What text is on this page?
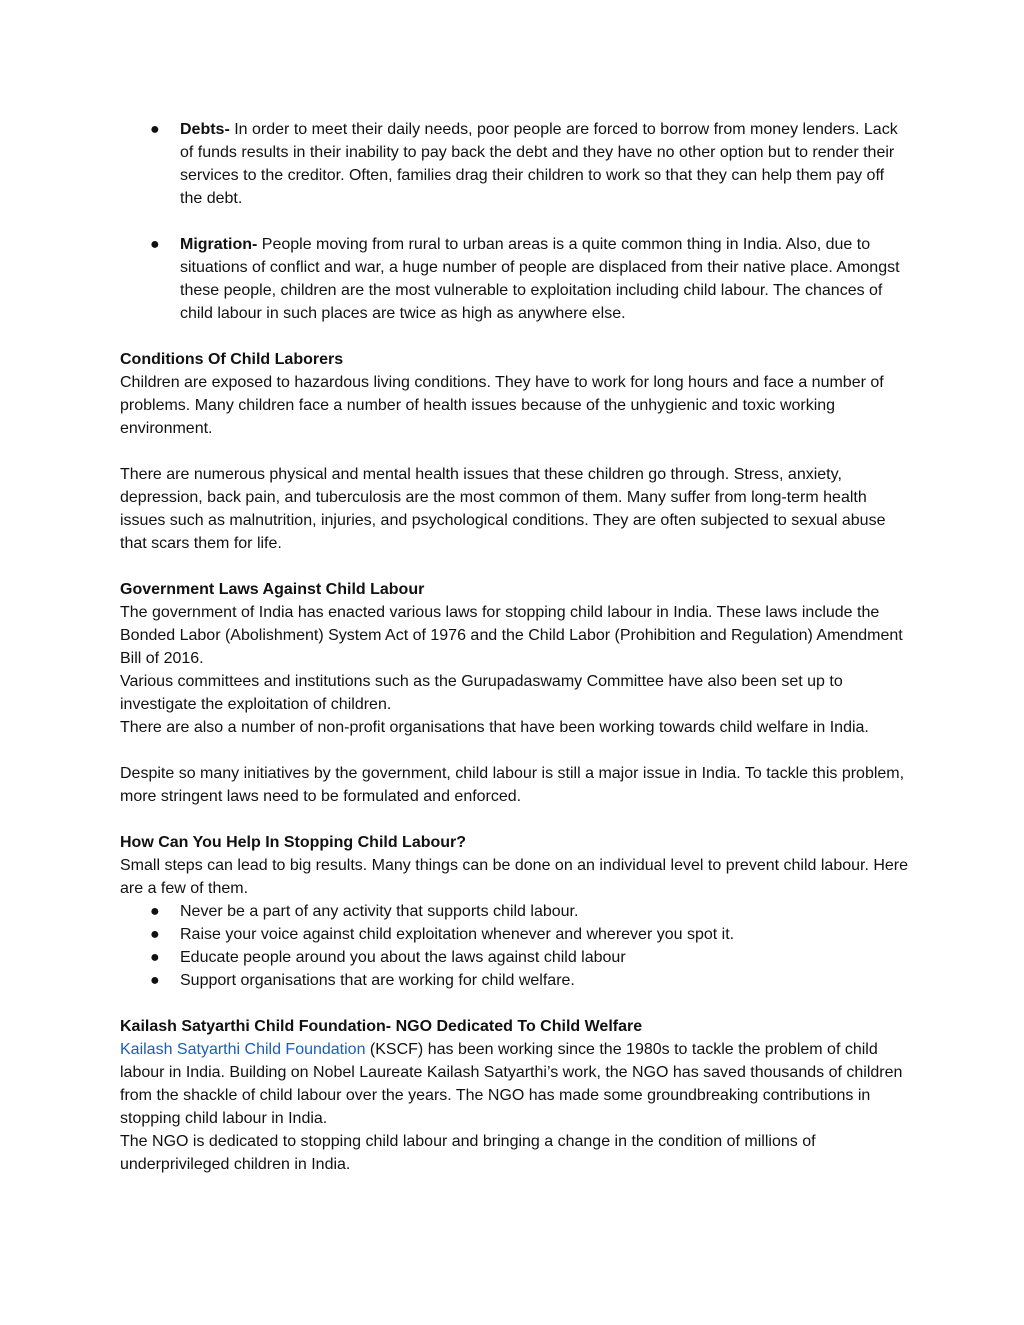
●	Debts- In order to meet their daily needs, poor people are forced to borrow from money lenders. Lack of funds results in their inability to pay back the debt and they have no other option but to render their services to the creditor. Often, families drag their children to work so that they can help them pay off the debt.
●	Migration- People moving from rural to urban areas is a quite common thing in India. Also, due to situations of conflict and war, a huge number of people are displaced from their native place. Amongst these people, children are the most vulnerable to exploitation including child labour. The chances of child labour in such places are twice as high as anywhere else.

Conditions Of Child Laborers

Children are exposed to hazardous living conditions. They have to work for long hours and face a number of problems. Many children face a number of health issues because of the unhygienic and toxic working environment.

There are numerous physical and mental health issues that these children go through. Stress, anxiety, depression, back pain, and tuberculosis are the most common of them. Many suffer from long-term health issues such as malnutrition, injuries, and psychological conditions. They are often subjected to sexual abuse that scars them for life.

Government Laws Against Child Labour

The government of India has enacted various laws for stopping child labour in India. These laws include the Bonded Labor (Abolishment) System Act of 1976 and the Child Labor (Prohibition and Regulation) Amendment Bill of 2016.

Various committees and institutions such as the Gurupadaswamy Committee have also been set up to investigate the exploitation of children.

There are also a number of non-profit organisations that have been working towards child welfare in India.

Despite so many initiatives by the government, child labour is still a major issue in India. To tackle this problem, more stringent laws need to be formulated and enforced.

How Can You Help In Stopping Child Labour?

Small steps can lead to big results. Many things can be done on an individual level to prevent child labour. Here are a few of them.

●	Never be a part of any activity that supports child labour.
●	Raise your voice against child exploitation whenever and wherever you spot it.
●	Educate people around you about the laws against child labour
●	Support organisations that are working for child welfare.

Kailash Satyarthi Child Foundation- NGO Dedicated To Child Welfare

Kailash Satyarthi Child Foundation (KSCF) has been working since the 1980s to tackle the problem of child labour in India. Building on Nobel Laureate Kailash Satyarthi’s work, the NGO has saved thousands of children from the shackle of child labour over the years. The NGO has made some groundbreaking contributions in stopping child labour in India.

The NGO is dedicated to stopping child labour and bringing a change in the condition of millions of underprivileged children in India.
